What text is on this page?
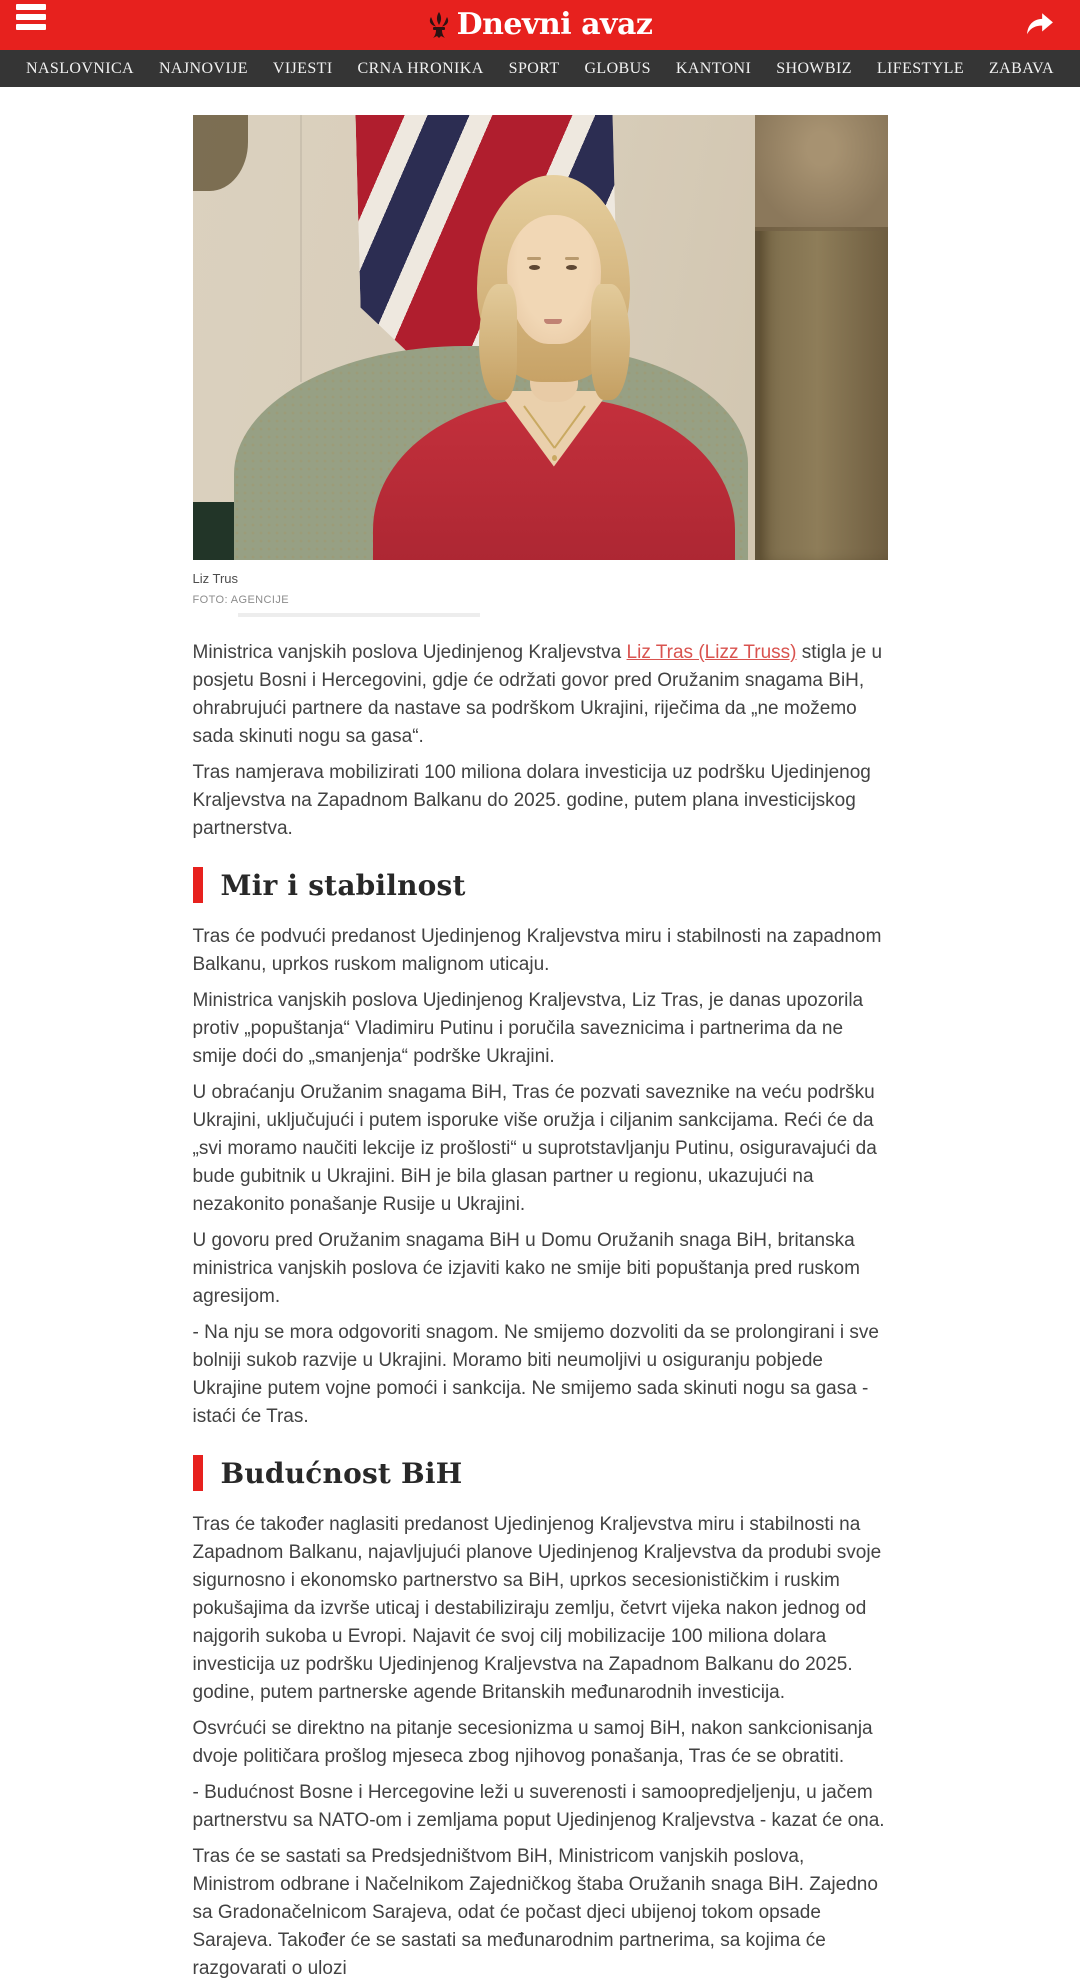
Dnevni avaz
NASLOVNICA NAJNOVIJE VIJESTI CRNA HRONIKA SPORT GLOBUS KANTONI SHOWBIZ LIFESTYLE ZABAVA
Liz Trus
FOTO: AGENCIJE

Ministrica vanjskih poslova Ujedinjenog Kraljevstva Liz Tras (Lizz Truss) stigla je u posjetu Bosni i Hercegovini, gdje će održati govor pred Oružanim snagama BiH, ohrabrujući partnere da nastave sa podrškom Ukrajini, riječima da „ne možemo sada skinuti nogu sa gasa“.

Tras namjerava mobilizirati 100 miliona dolara investicija uz podršku Ujedinjenog Kraljevstva na Zapadnom Balkanu do 2025. godine, putem plana investicijskog partnerstva.

Mir i stabilnost

Tras će podvući predanost Ujedinjenog Kraljevstva miru i stabilnosti na zapadnom Balkanu, uprkos ruskom malignom uticaju.

Ministrica vanjskih poslova Ujedinjenog Kraljevstva, Liz Tras, je danas upozorila protiv „popuštanja“ Vladimiru Putinu i poručila saveznicima i partnerima da ne smije doći do „smanjenja“ podrške Ukrajini.

U obraćanju Oružanim snagama BiH, Tras će pozvati saveznike na veću podršku Ukrajini, uključujući i putem isporuke više oružja i ciljanim sankcijama. Reći će da „svi moramo naučiti lekcije iz prošlosti“ u suprotstavljanju Putinu, osiguravajući da bude gubitnik u Ukrajini. BiH je bila glasan partner u regionu, ukazujući na nezakonito ponašanje Rusije u Ukrajini.

U govoru pred Oružanim snagama BiH u Domu Oružanih snaga BiH, britanska ministrica vanjskih poslova će izjaviti kako ne smije biti popuštanja pred ruskom agresijom.

- Na nju se mora odgovoriti snagom. Ne smijemo dozvoliti da se prolongirani i sve bolniji sukob razvije u Ukrajini. Moramo biti neumoljivi u osiguranju pobjede Ukrajine putem vojne pomoći i sankcija. Ne smijemo sada skinuti nogu sa gasa - istaći će Tras.

Budućnost BiH

Tras će također naglasiti predanost Ujedinjenog Kraljevstva miru i stabilnosti na Zapadnom Balkanu, najavljujući planove Ujedinjenog Kraljevstva da produbi svoje sigurnosno i ekonomsko partnerstvo sa BiH, uprkos secesionističkim i ruskim pokušajima da izvrše uticaj i destabiliziraju zemlju, četvrt vijeka nakon jednog od najgorih sukoba u Evropi. Najavit će svoj cilj mobilizacije 100 miliona dolara investicija uz podršku Ujedinjenog Kraljevstva na Zapadnom Balkanu do 2025. godine, putem partnerske agende Britanskih međunarodnih investicija.

Osvrćući se direktno na pitanje secesionizma u samoj BiH, nakon sankcionisanja dvoje političara prošlog mjeseca zbog njihovog ponašanja, Tras će se obratiti.

- Budućnost Bosne i Hercegovine leži u suverenosti i samoopredjeljenju, u jačem partnerstvu sa NATO-om i zemljama poput Ujedinjenog Kraljevstva - kazat će ona.

Tras će se sastati sa Predsjedništvom BiH, Ministricom vanjskih poslova, Ministrom odbrane i Načelnikom Zajedničkog štaba Oružanih snaga BiH. Zajedno sa Gradonačelnicom Sarajeva, odat će počast djeci ubijenoj tokom opsade Sarajeva. Također će se sastati sa međunarodnim partnerima, sa kojima će razgovarati o ulozi
